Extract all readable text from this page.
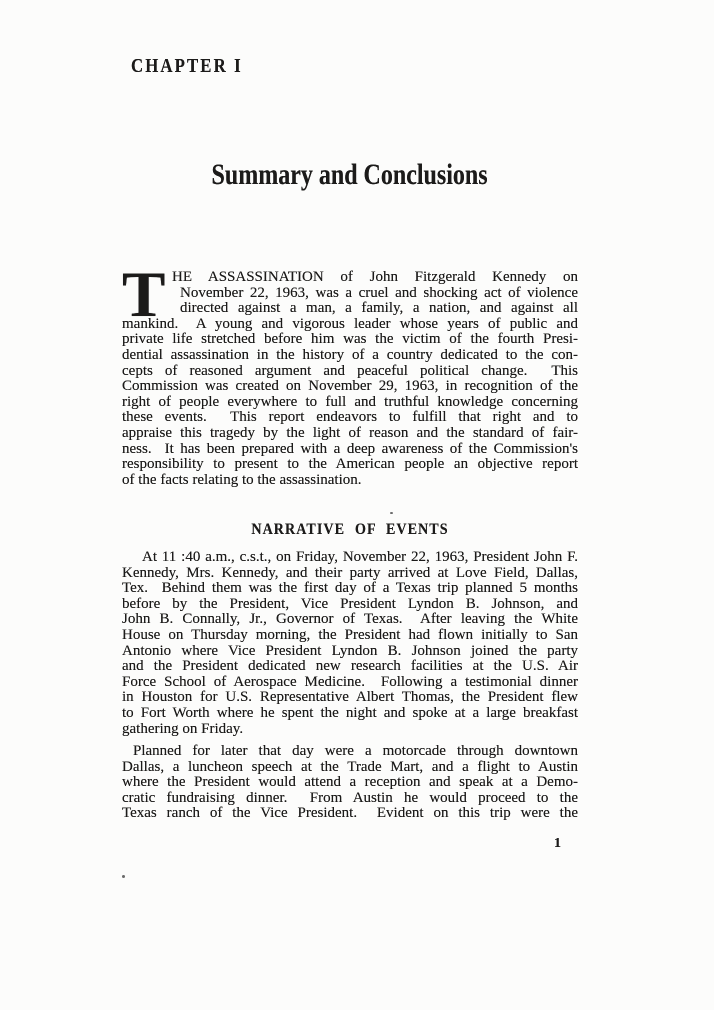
CHAPTER I
Summary and Conclusions
T HE ASSASSINATION of John Fitzgerald Kennedy on
November 22, 1963, was a cruel and shocking act of violence
directed against a man, a family, a nation, and against all
mankind.  A young and vigorous leader whose years of public and
private life stretched before him was the victim of the fourth Presi-
dential assassination in the history of a country dedicated to the con-
cepts of reasoned argument and peaceful political change.  This
Commission was created on November 29, 1963, in recognition of the
right of people everywhere to full and truthful knowledge concerning
these events.  This report endeavors to fulfill that right and to
appraise this tragedy by the light of reason and the standard of fair-
ness.  It has been prepared with a deep awareness of the Commission's
responsibility to present to the American people an objective report
of the facts relating to the assassination.
NARRATIVE OF EVENTS
At 11 :40 a.m., c.s.t., on Friday, November 22, 1963, President John F.
Kennedy, Mrs. Kennedy, and their party arrived at Love Field, Dallas,
Tex.  Behind them was the first day of a Texas trip planned 5 months
before by the President, Vice President Lyndon B. Johnson, and
John B. Connally, Jr., Governor of Texas.  After leaving the White
House on Thursday morning, the President had flown initially to San
Antonio where Vice President Lyndon B. Johnson joined the party
and the President dedicated new research facilities at the U.S. Air
Force School of Aerospace Medicine.  Following a testimonial dinner
in Houston for U.S. Representative Albert Thomas, the President flew
to Fort Worth where he spent the night and spoke at a large breakfast
gathering on Friday.
Planned for later that day were a motorcade through downtown
Dallas, a luncheon speech at the Trade Mart, and a flight to Austin
where the President would attend a reception and speak at a Demo-
cratic fundraising dinner.  From Austin he would proceed to the
Texas ranch of the Vice President.  Evident on this trip were the
1
